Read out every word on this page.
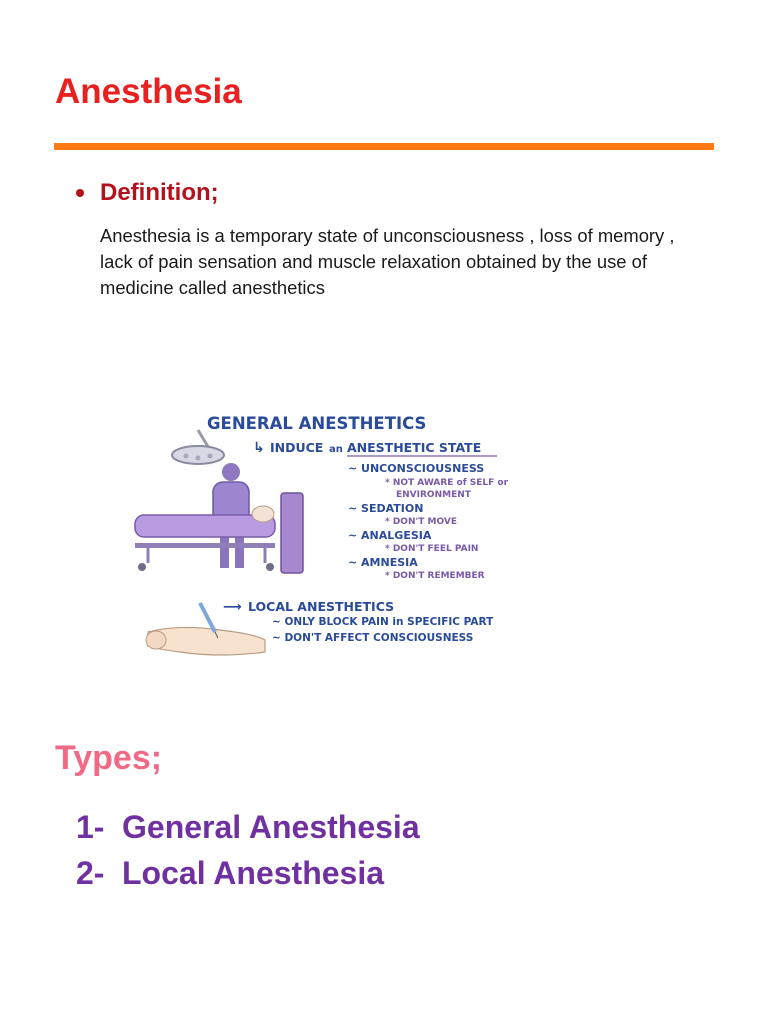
Anesthesia
Definition;

Anesthesia is a temporary state of unconsciousness , loss of memory , lack of pain sensation and muscle relaxation obtained by the use of medicine called anesthetics

GENERAL ANESTHETICS
↳ INDUCE an ANESTHETIC STATE
~ UNCONSCIOUSNESS
* NOT AWARE of SELF or
ENVIRONMENT
~ SEDATION
* DON'T MOVE
~ ANALGESIA
* DON'T FEEL PAIN
~ AMNESIA
* DON'T REMEMBER
⟶ LOCAL ANESTHETICS
~ ONLY BLOCK PAIN in SPECIFIC PART
~ DON'T AFFECT CONSCIOUSNESS
Types;
1- General Anesthesia
2- Local Anesthesia
